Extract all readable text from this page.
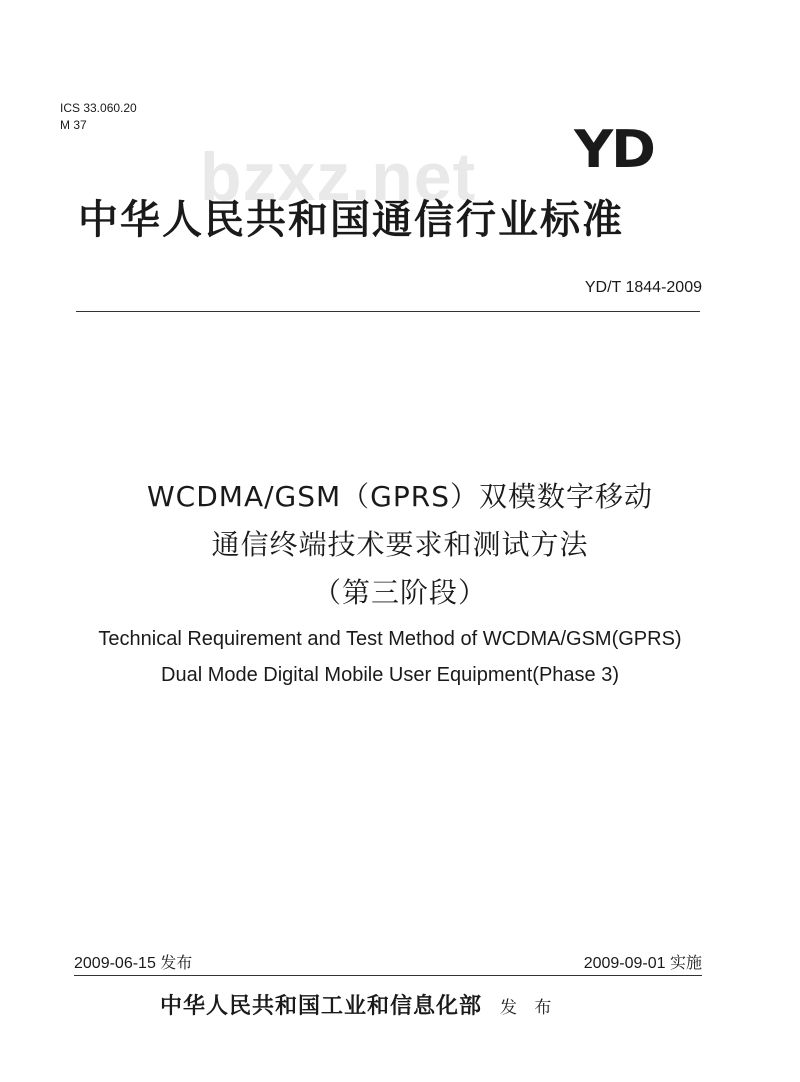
ICS 33.060.20
M 37
bzxz.net YD
中华人民共和国通信行业标准
YD/T 1844-2009
WCDMA/GSM（GPRS）双模数字移动
通信终端技术要求和测试方法
（第三阶段）
Technical Requirement and Test Method of WCDMA/GSM(GPRS)
Dual Mode Digital Mobile User Equipment(Phase 3)
2009-06-15 发布	2009-09-01 实施
中华人民共和国工业和信息化部 发 布
